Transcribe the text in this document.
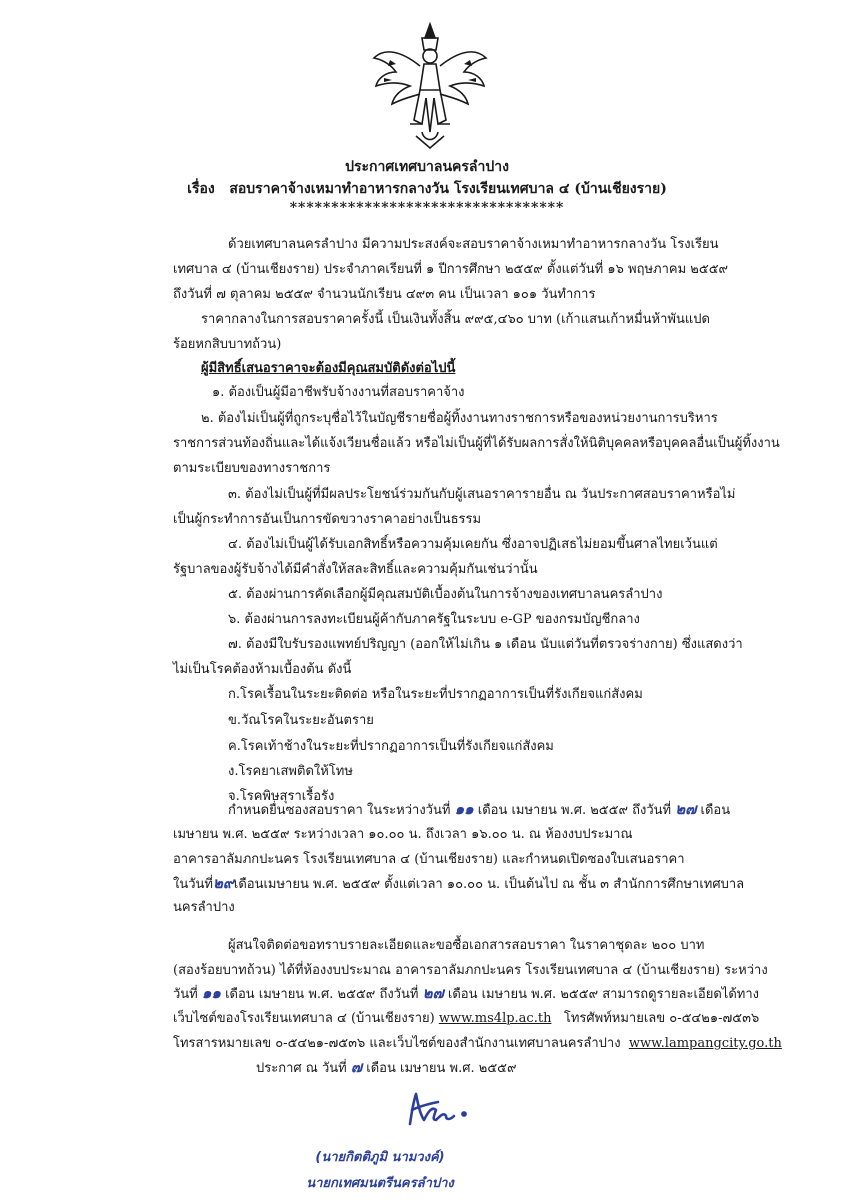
ประกาศเทศบาลนครลำปาง
เรื่อง สอบราคาจ้างเหมาทำอาหารกลางวัน โรงเรียนเทศบาล ๔ (บ้านเชียงราย)
*********************************
ด้วยเทศบาลนครลำปาง มีความประสงค์จะสอบราคาจ้างเหมาทำอาหารกลางวัน โรงเรียน
เทศบาล ๔ (บ้านเชียงราย) ประจำภาคเรียนที่ ๑ ปีการศึกษา ๒๕๕๙ ตั้งแต่วันที่ ๑๖ พฤษภาคม ๒๕๕๙
ถึงวันที่ ๗ ตุลาคม ๒๕๕๙ จำนวนนักเรียน ๔๙๓ คน เป็นเวลา ๑๐๑ วันทำการ
ราคากลางในการสอบราคาครั้งนี้ เป็นเงินทั้งสิ้น ๙๙๕,๔๖๐ บาท (เก้าแสนเก้าหมื่นห้าพันแปด
ร้อยหกสิบบาทถ้วน)
ผู้มีสิทธิ์เสนอราคาจะต้องมีคุณสมบัติดังต่อไปนี้
๑. ต้องเป็นผู้มีอาชีพรับจ้างงานที่สอบราคาจ้าง
๒. ต้องไม่เป็นผู้ที่ถูกระบุชื่อไว้ในบัญชีรายชื่อผู้ทิ้งงานทางราชการหรือของหน่วยงานการบริหาร
ราชการส่วนท้องถิ่นและได้แจ้งเวียนชื่อแล้ว หรือไม่เป็นผู้ที่ได้รับผลการสั่งให้นิติบุคคลหรือบุคคลอื่นเป็นผู้ทิ้งงาน
ตามระเบียบของทางราชการ
๓. ต้องไม่เป็นผู้ที่มีผลประโยชน์ร่วมกันกับผู้เสนอราคารายอื่น ณ วันประกาศสอบราคาหรือไม่
เป็นผู้กระทำการอันเป็นการขัดขวางราคาอย่างเป็นธรรม
๔. ต้องไม่เป็นผู้ได้รับเอกสิทธิ์หรือความคุ้มเคยกัน ซึ่งอาจปฏิเสธไม่ยอมขึ้นศาลไทยเว้นแต่
รัฐบาลของผู้รับจ้างได้มีคำสั่งให้สละสิทธิ์และความคุ้มกันเช่นว่านั้น
๕. ต้องผ่านการคัดเลือกผู้มีคุณสมบัติเบื้องต้นในการจ้างของเทศบาลนครลำปาง
๖. ต้องผ่านการลงทะเบียนผู้ค้ากับภาครัฐในระบบ e-GP ของกรมบัญชีกลาง
๗. ต้องมีใบรับรองแพทย์ปริญญา (ออกให้ไม่เกิน ๑ เดือน นับแต่วันที่ตรวจร่างกาย) ซึ่งแสดงว่า
ไม่เป็นโรคต้องห้ามเบื้องต้น ดังนี้
ก.โรคเรื้อนในระยะติดต่อ หรือในระยะที่ปรากฏอาการเป็นที่รังเกียจแก่สังคม
ข.วัณโรคในระยะอันตราย
ค.โรคเท้าช้างในระยะที่ปรากฏอาการเป็นที่รังเกียจแก่สังคม
ง.โรคยาเสพติดให้โทษ
จ.โรคพิษสุราเรื้อรัง
กำหนดยื่นซองสอบราคา ในระหว่างวันที่ ๑๑ เดือน เมษายน พ.ศ. ๒๕๕๙ ถึงวันที่ ๒๗ เดือน
เมษายน พ.ศ. ๒๕๕๙ ระหว่างเวลา ๑๐.๐๐ น. ถึงเวลา ๑๖.๐๐ น. ณ ห้องงบประมาณ
อาคารอาลัมภกปะนคร โรงเรียนเทศบาล ๔ (บ้านเชียงราย) และกำหนดเปิดซองใบเสนอราคา
ในวันที่๒๙เดือนเมษายน พ.ศ. ๒๕๕๙ ตั้งแต่เวลา ๑๐.๐๐ น. เป็นต้นไป ณ ชั้น ๓ สำนักการศึกษาเทศบาล
นครลำปาง
ผู้สนใจติดต่อขอทราบรายละเอียดและขอซื้อเอกสารสอบราคา ในราคาชุดละ ๒๐๐ บาท
(สองร้อยบาทถ้วน) ได้ที่ห้องงบประมาณ อาคารอาลัมภกปะนคร โรงเรียนเทศบาล ๔ (บ้านเชียงราย) ระหว่าง
วันที่ ๑๑ เดือน เมษายน พ.ศ. ๒๕๕๙ ถึงวันที่ ๒๗ เดือน เมษายน พ.ศ. ๒๕๕๙ สามารถดูรายละเอียดได้ทาง
เว็บไซต์ของโรงเรียนเทศบาล ๔ (บ้านเชียงราย) www.ms4lp.ac.th โทรศัพท์หมายเลข ๐-๕๔๒๑-๗๕๓๖
โทรสารหมายเลข ๐-๕๔๒๑-๗๕๓๖ และเว็บไซต์ของสำนักงานเทศบาลนครลำปาง www.lampangcity.go.th
ประกาศ ณ วันที่ ๗ เดือน เมษายน พ.ศ. ๒๕๕๙
(นายกิตติภูมิ นามวงค์)
นายกเทศมนตรีนครลำปาง
